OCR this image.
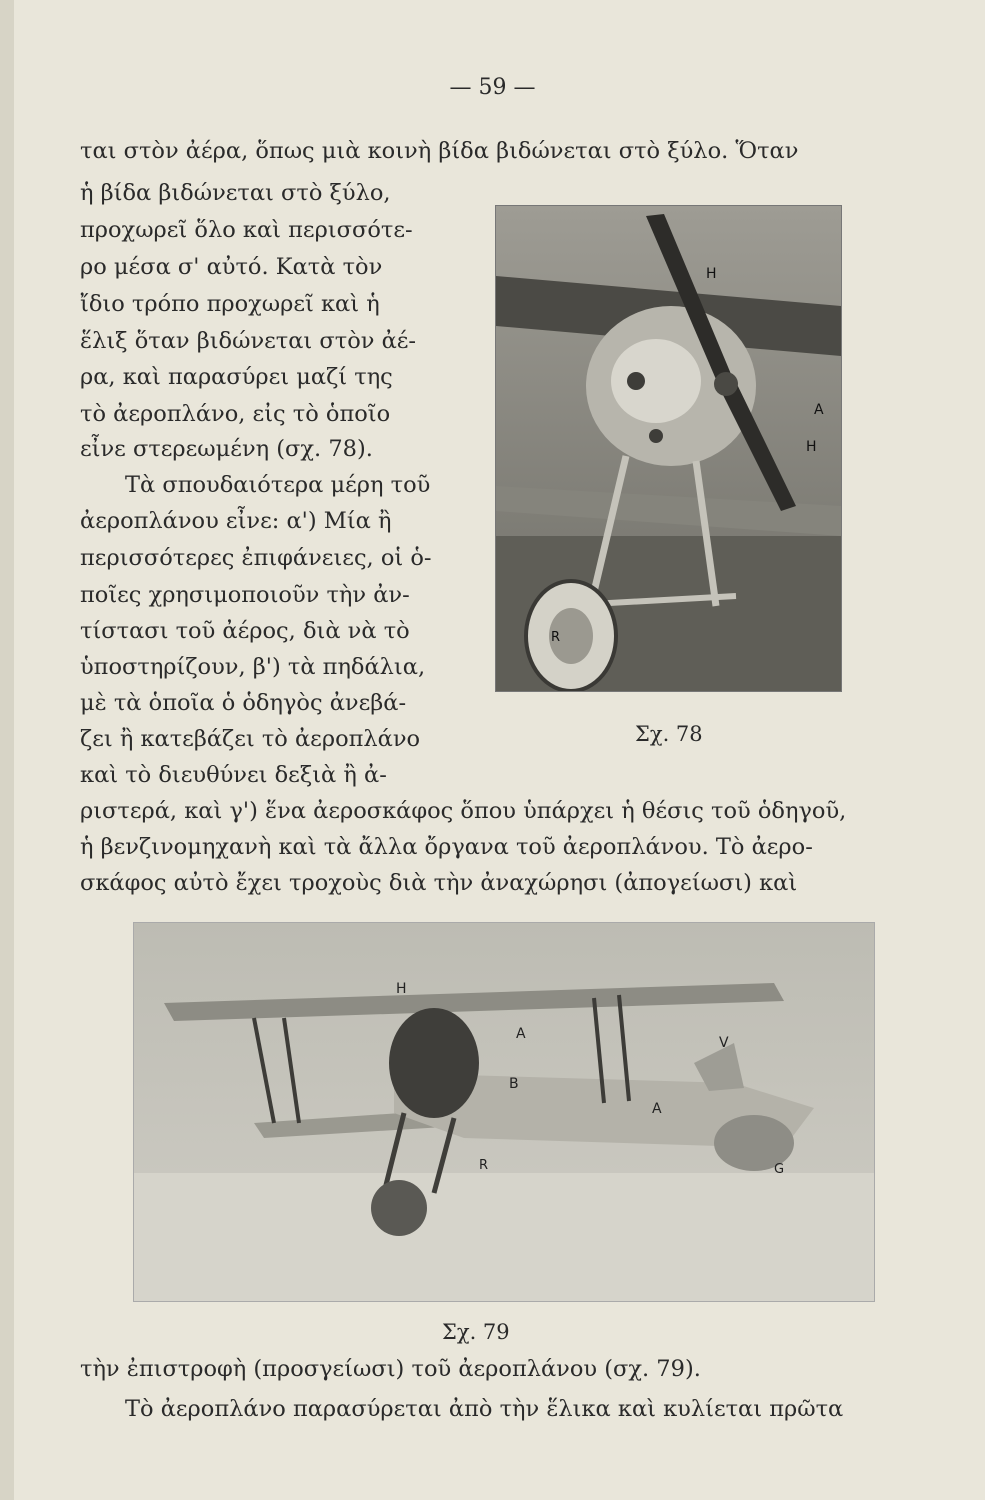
— 59 —
ται στὸν ἀέρα, ὅπως μιὰ κοινὴ βίδα βιδώνεται στὸ ξύλο. Ὅταν
ἡ βίδα βιδώνεται στὸ ξύλο,
προχωρεῖ ὅλο καὶ περισσότε-
ρο μέσα σ' αὐτό. Κατὰ τὸν
ἴδιο τρόπο προχωρεῖ καὶ ἡ
ἕλιξ ὅταν βιδώνεται στὸν ἀέ-
ρα, καὶ παρασύρει μαζί της
τὸ ἀεροπλάνο, εἰς τὸ ὁποῖο
εἶνε στερεωμένη (σχ. 78).
Τὰ σπουδαιότερα μέρη τοῦ
ἀεροπλάνου εἶνε: α') Μία ἢ
περισσότερες ἐπιφάνειες, οἱ ὁ-
ποῖες χρησιμοποιοῦν τὴν ἀν-
τίστασι τοῦ ἀέρος, διὰ νὰ τὸ
ὑποστηρίζουν, β') τὰ πηδάλια,
μὲ τὰ ὁποῖα ὁ ὁδηγὸς ἀνεβά-
ζει ἢ κατεβάζει τὸ ἀεροπλάνο
καὶ τὸ διευθύνει δεξιὰ ἢ ἀ-
ριστερά, καὶ γ') ἕνα ἀεροσκάφος ὅπου ὑπάρχει ἡ θέσις τοῦ ὁδηγοῦ,
ἡ βενζινομηχανὴ καὶ τὰ ἄλλα ὄργανα τοῦ ἀεροπλάνου. Τὸ ἀερο-
σκάφος αὐτὸ ἔχει τροχοὺς διὰ τὴν ἀναχώρησι (ἀπογείωσι) καὶ
H
A
H
R
Σχ. 78
H
A
V
B
A
R	G
Σχ. 79
τὴν ἐπιστροφὴ (προσγείωσι) τοῦ ἀεροπλάνου (σχ. 79).
Τὸ ἀεροπλάνο παρασύρεται ἀπὸ τὴν ἕλικα καὶ κυλίεται πρῶτα
